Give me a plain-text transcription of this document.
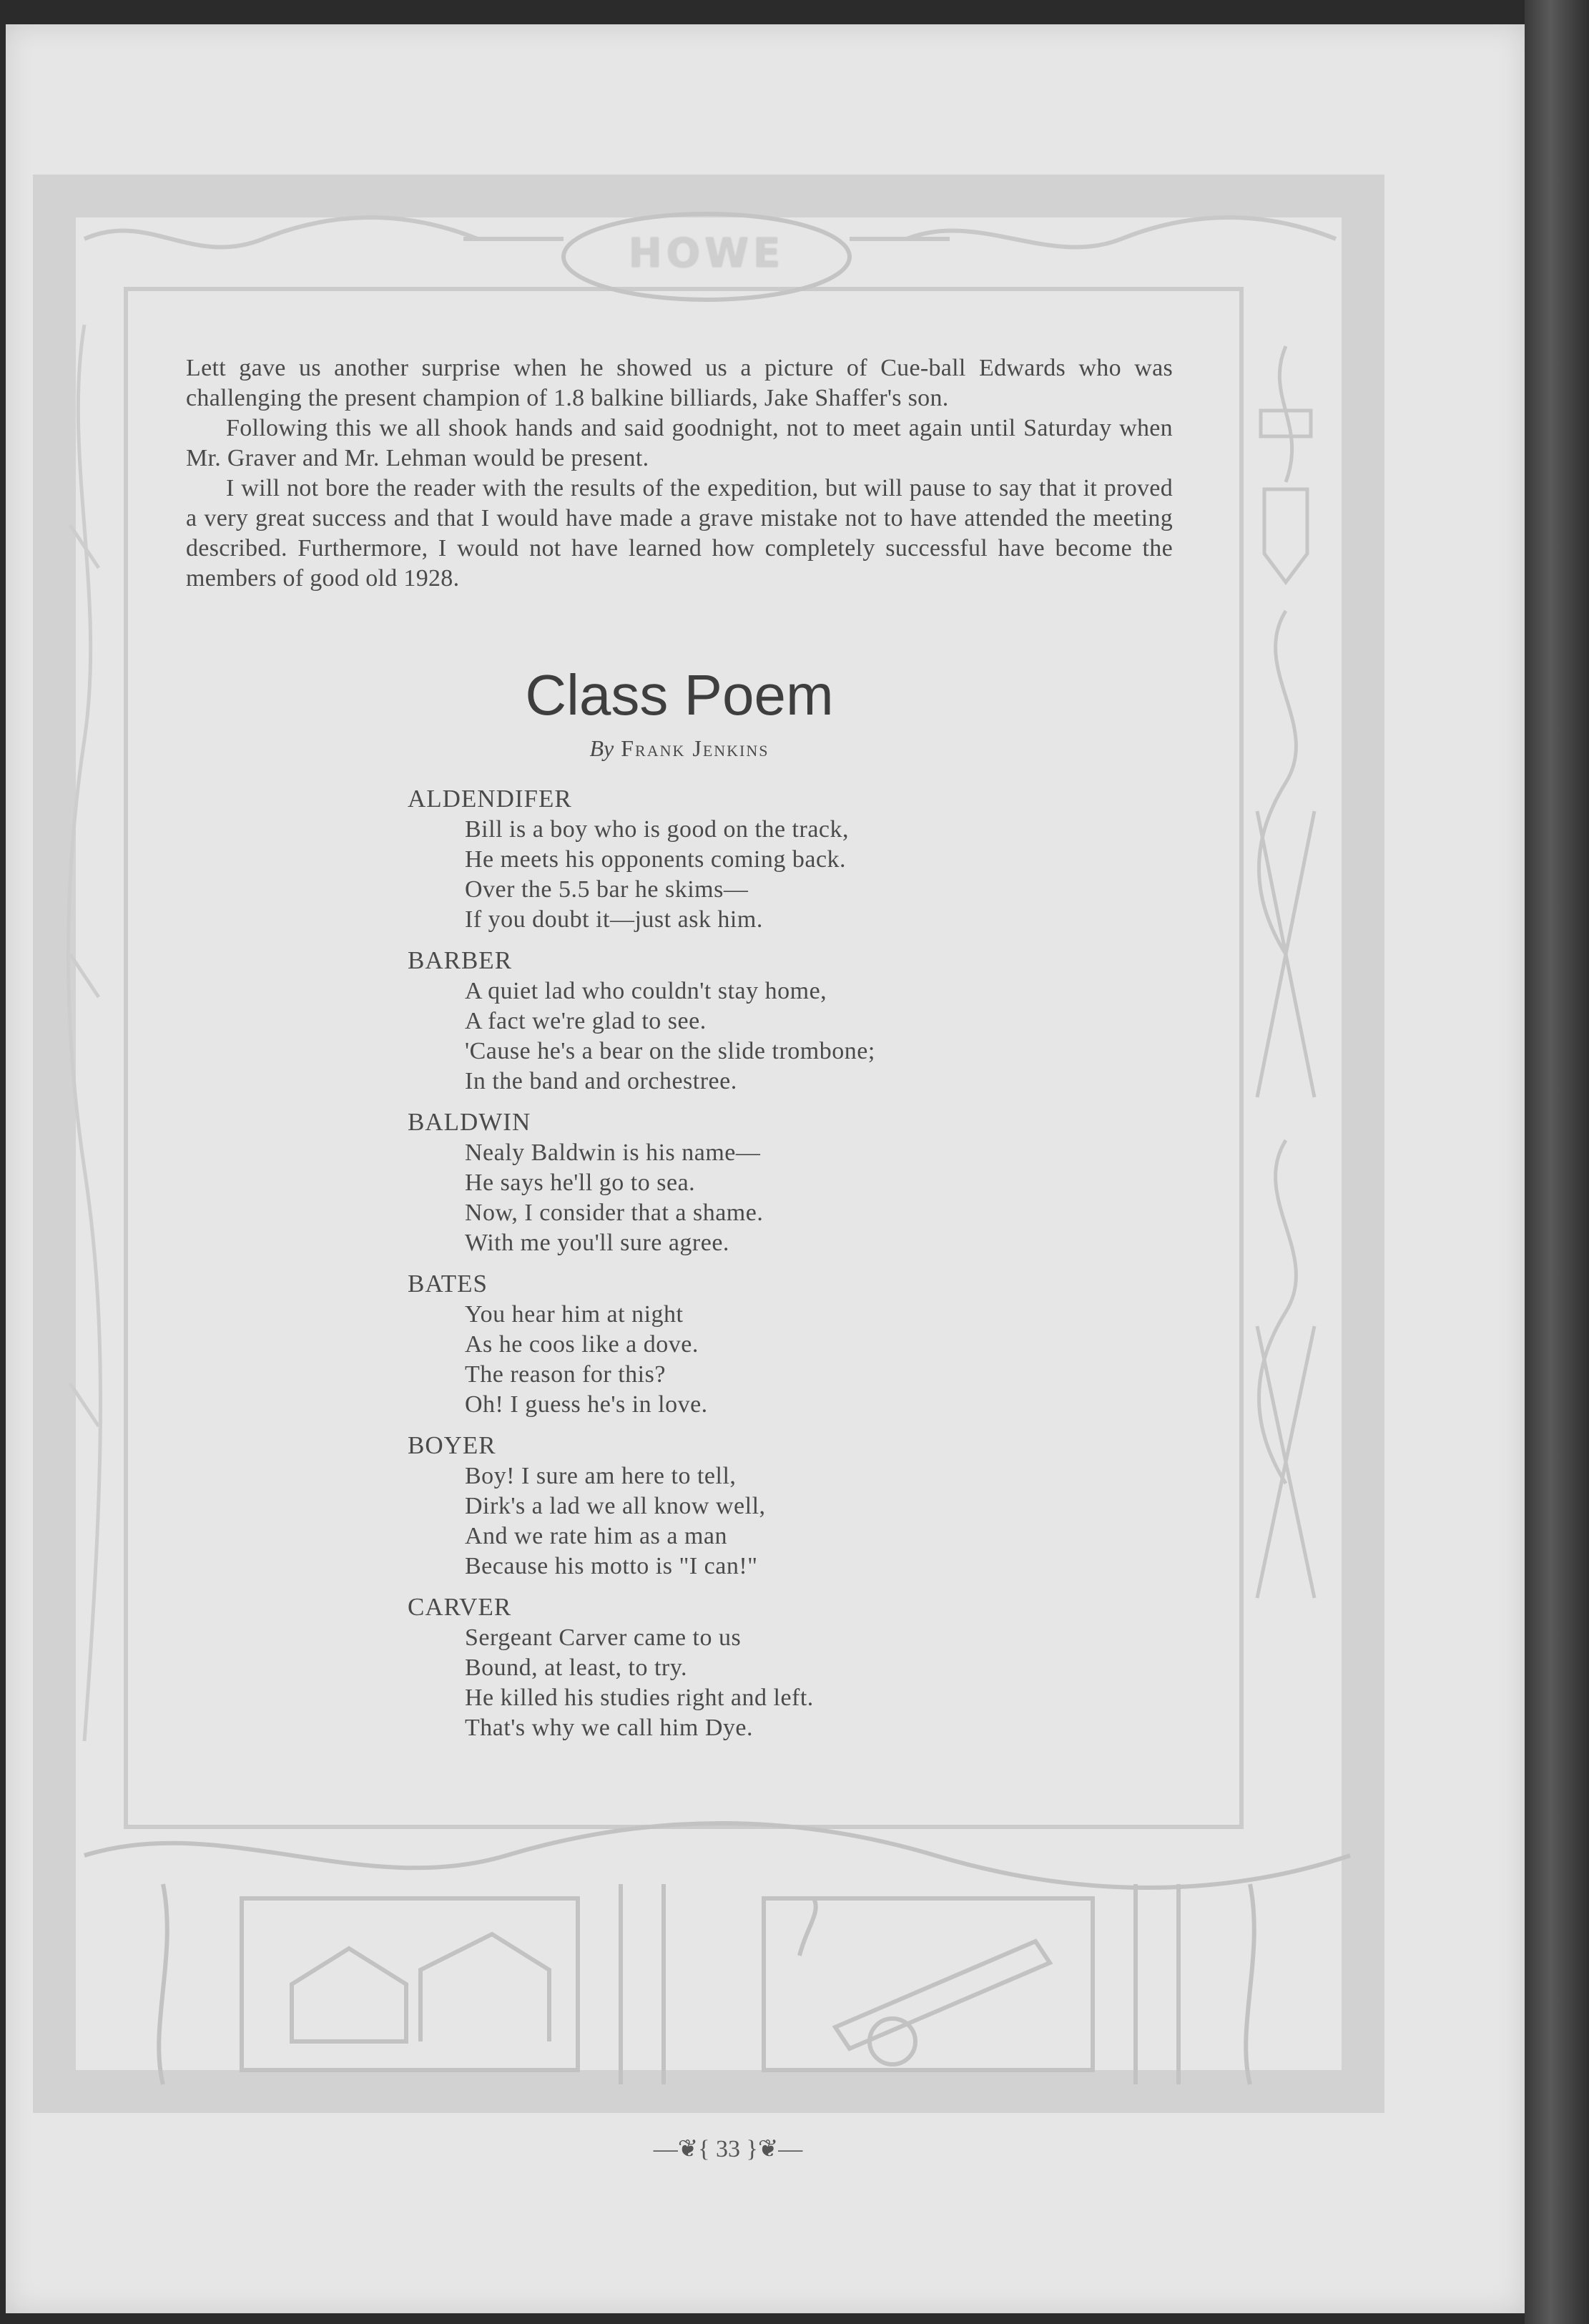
HOWE

Lett gave us another surprise when he showed us a picture of Cue-ball Edwards who was challenging the present champion of 1.8 balkine billiards, Jake Shaffer's son.

Following this we all shook hands and said goodnight, not to meet again until Saturday when Mr. Graver and Mr. Lehman would be present.

I will not bore the reader with the results of the expedition, but will pause to say that it proved a very great success and that I would have made a grave mistake not to have attended the meeting described. Furthermore, I would not have learned how completely successful have become the members of good old 1928.

Class Poem
By Frank Jenkins
ALDENDIFER
Bill is a boy who is good on the track,
He meets his opponents coming back.
Over the 5.5 bar he skims—
If you doubt it—just ask him.
BARBER
A quiet lad who couldn't stay home,
A fact we're glad to see.
'Cause he's a bear on the slide trombone;
In the band and orchestree.
BALDWIN
Nealy Baldwin is his name—
He says he'll go to sea.
Now, I consider that a shame.
With me you'll sure agree.
BATES
You hear him at night
As he coos like a dove.
The reason for this?
Oh! I guess he's in love.
BOYER
Boy! I sure am here to tell,
Dirk's a lad we all know well,
And we rate him as a man
Because his motto is "I can!"
CARVER
Sergeant Carver came to us
Bound, at least, to try.
He killed his studies right and left.
That's why we call him Dye.
—❦{ 33 }❦—
